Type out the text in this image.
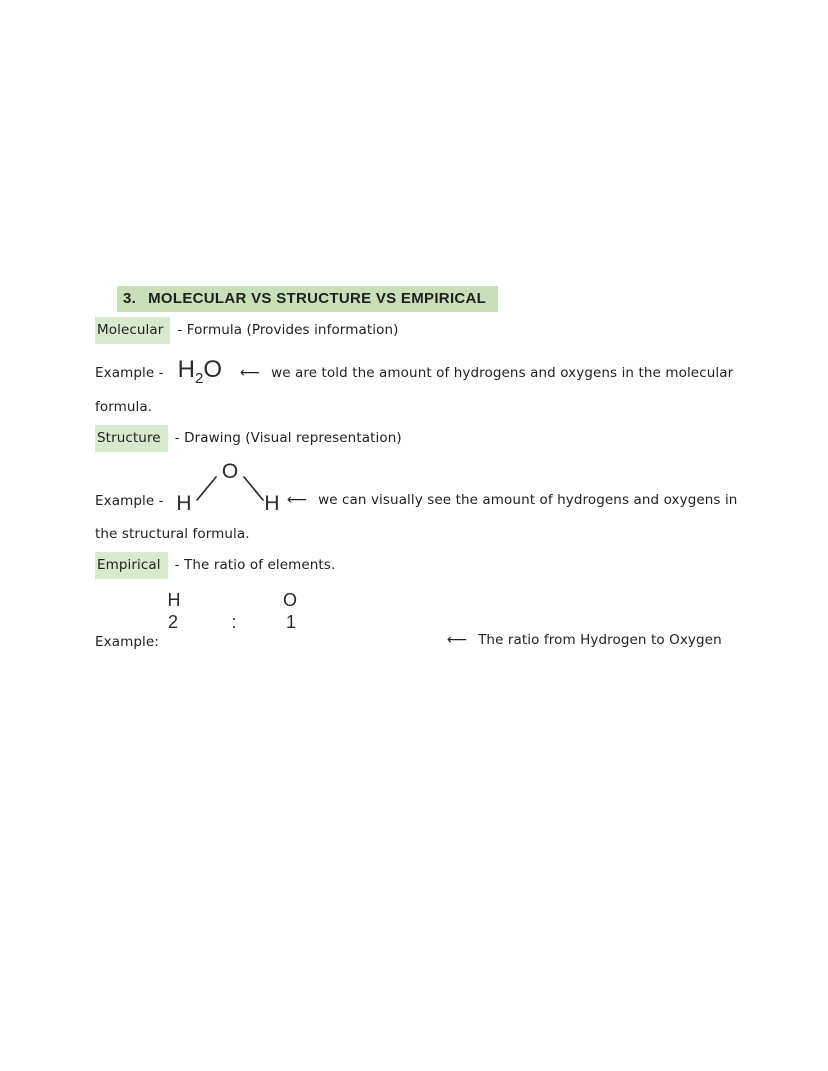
3. MOLECULAR VS STRUCTURE VS EMPIRICAL
Molecular - Formula (Provides information)
Example - $H_2O$ ⟵ we are told the amount of hydrogens and oxygens in the molecular
formula.
Structure - Drawing (Visual representation)
O
H	H
Example -	⟵ we can visually see the amount of hydrogens and oxygens in
the structural formula.
Empirical - The ratio of elements.
H	O
2	:	1
Example:	⟵ The ratio from Hydrogen to Oxygen
